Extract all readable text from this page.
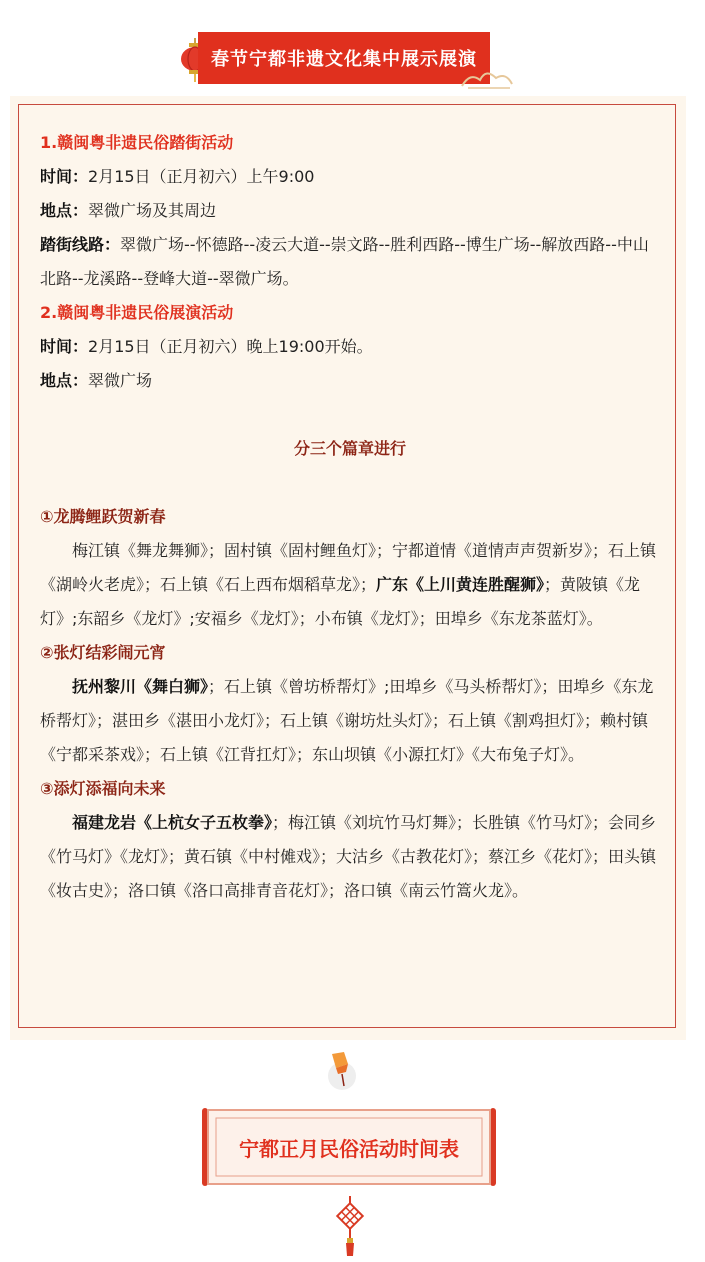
春节宁都非遗文化集中展示展演

1.赣闽粤非遗民俗踏街活动

时间：2月15日（正月初六）上午9:00

地点：翠微广场及其周边

踏街线路：翠微广场--怀德路--凌云大道--崇文路--胜利西路--博生广场--解放西路--中山北路--龙溪路--登峰大道--翠微广场。

2.赣闽粤非遗民俗展演活动

时间：2月15日（正月初六）晚上19:00开始。

地点：翠微广场

分三个篇章进行

①龙腾鲤跃贺新春

梅江镇《舞龙舞狮》；固村镇《固村鲤鱼灯》；宁都道情《道情声声贺新岁》；石上镇《湖岭火老虎》；石上镇《石上西布烟稻草龙》；广东《上川黄连胜醒狮》；黄陂镇《龙灯》;东韶乡《龙灯》;安福乡《龙灯》；小布镇《龙灯》；田埠乡《东龙茶蓝灯》。

②张灯结彩闹元宵

抚州黎川《舞白狮》；石上镇《曾坊桥帮灯》;田埠乡《马头桥帮灯》；田埠乡《东龙桥帮灯》；湛田乡《湛田小龙灯》；石上镇《谢坊灶头灯》；石上镇《割鸡担灯》；赖村镇《宁都采茶戏》；石上镇《江背扛灯》；东山坝镇《小源扛灯》《大布兔子灯》。

③添灯添福向未来

福建龙岩《上杭女子五枚拳》；梅江镇《刘坑竹马灯舞》；长胜镇《竹马灯》；会同乡《竹马灯》《龙灯》；黄石镇《中村傩戏》；大沽乡《古教花灯》；蔡江乡《花灯》；田头镇《妆古史》；洛口镇《洛口高排青音花灯》；洛口镇《南云竹篙火龙》。

宁都正月民俗活动时间表
